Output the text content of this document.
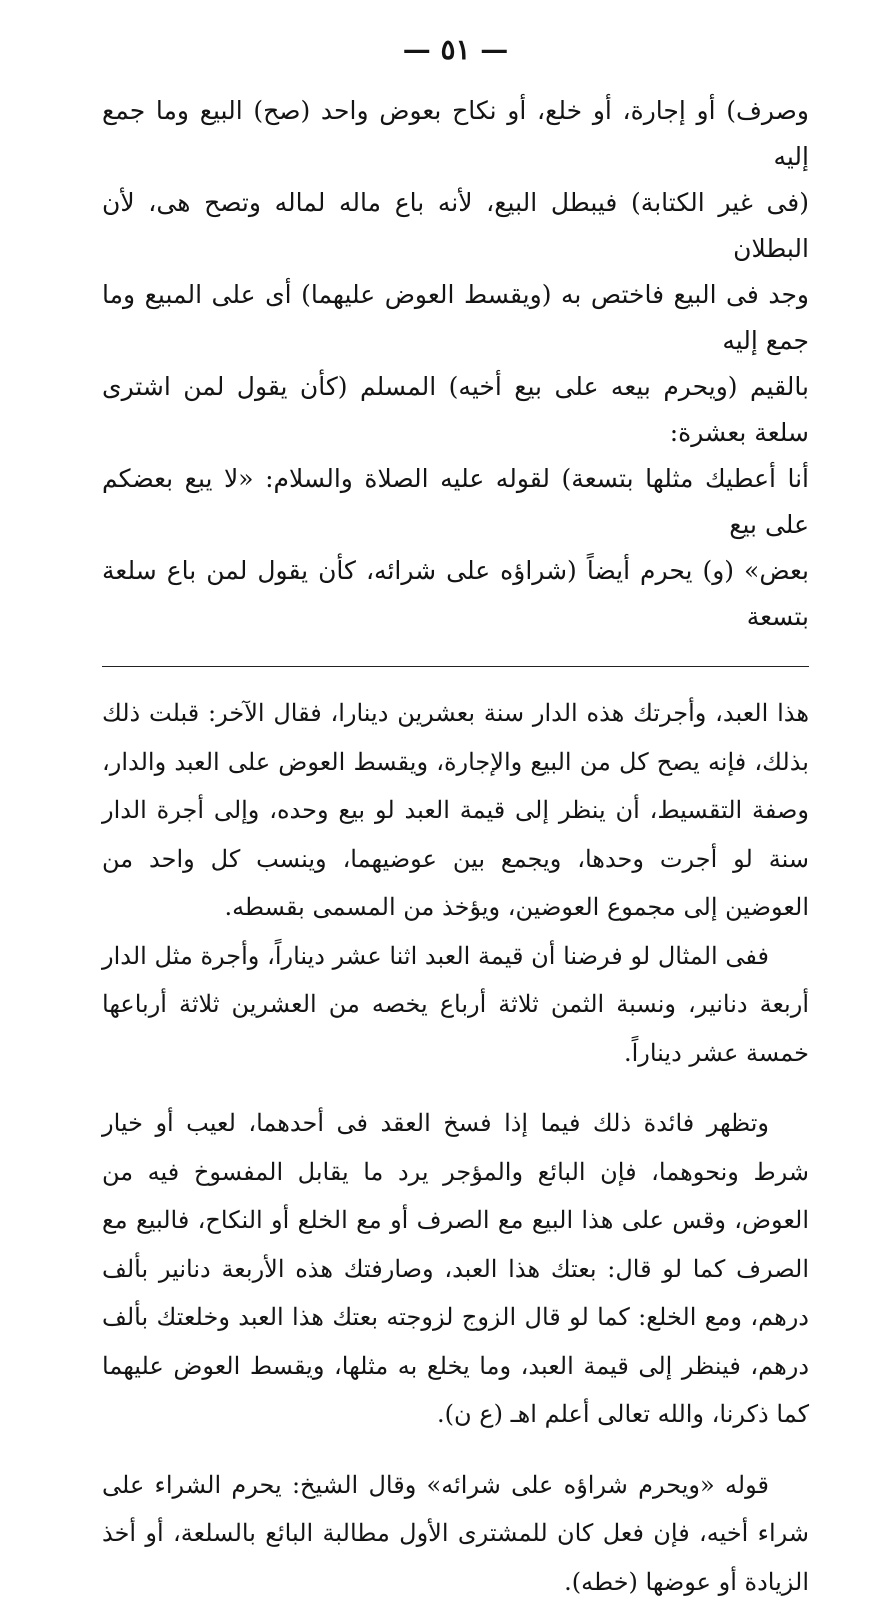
— ٥١ —

وصرف) أو إجارة، أو خلع، أو نكاح بعوض واحد (صح) البيع وما جمع إليه

(فى غير الكتابة) فيبطل البيع، لأنه باع ماله لماله وتصح هى، لأن البطلان

وجد فى البيع فاختص به (ويقسط العوض عليهما) أى على المبيع وما جمع إليه

بالقيم (ويحرم بيعه على بيع أخيه) المسلم (كأن يقول لمن اشترى سلعة بعشرة:

أنا أعطيك مثلها بتسعة) لقوله عليه الصلاة والسلام: «لا يبع بعضكم على بيع

بعض» (و) يحرم أيضاً (شراؤه على شرائه، كأن يقول لمن باع سلعة بتسعة

هذا العبد، وأجرتك هذه الدار سنة بعشرين دينارا، فقال الآخر: قبلت ذلك بذلك، فإنه يصح كل من البيع والإجارة، ويقسط العوض على العبد والدار، وصفة التقسيط، أن ينظر إلى قيمة العبد لو بيع وحده، وإلى أجرة الدار سنة لو أجرت وحدها، ويجمع بين عوضيهما، وينسب كل واحد من العوضين إلى مجموع العوضين، ويؤخذ من المسمى بقسطه.

ففى المثال لو فرضنا أن قيمة العبد اثنا عشر ديناراً، وأجرة مثل الدار أربعة دنانير، ونسبة الثمن ثلاثة أرباع يخصه من العشرين ثلاثة أرباعها خمسة عشر ديناراً.

وتظهر فائدة ذلك فيما إذا فسخ العقد فى أحدهما، لعيب أو خيار شرط ونحوهما، فإن البائع والمؤجر يرد ما يقابل المفسوخ فيه من العوض، وقس على هذا البيع مع الصرف أو مع الخلع أو النكاح، فالبيع مع الصرف كما لو قال: بعتك هذا العبد، وصارفتك هذه الأربعة دنانير بألف درهم، ومع الخلع: كما لو قال الزوج لزوجته بعتك هذا العبد وخلعتك بألف درهم، فينظر إلى قيمة العبد، وما يخلع به مثلها، ويقسط العوض عليهما كما ذكرنا، والله تعالى أعلم اهـ (ع ن).

قوله «ويحرم شراؤه على شرائه» وقال الشيخ: يحرم الشراء على شراء أخيه، فإن فعل كان للمشترى الأول مطالبة البائع بالسلعة، أو أخذ الزيادة أو عوضها (خطه).
